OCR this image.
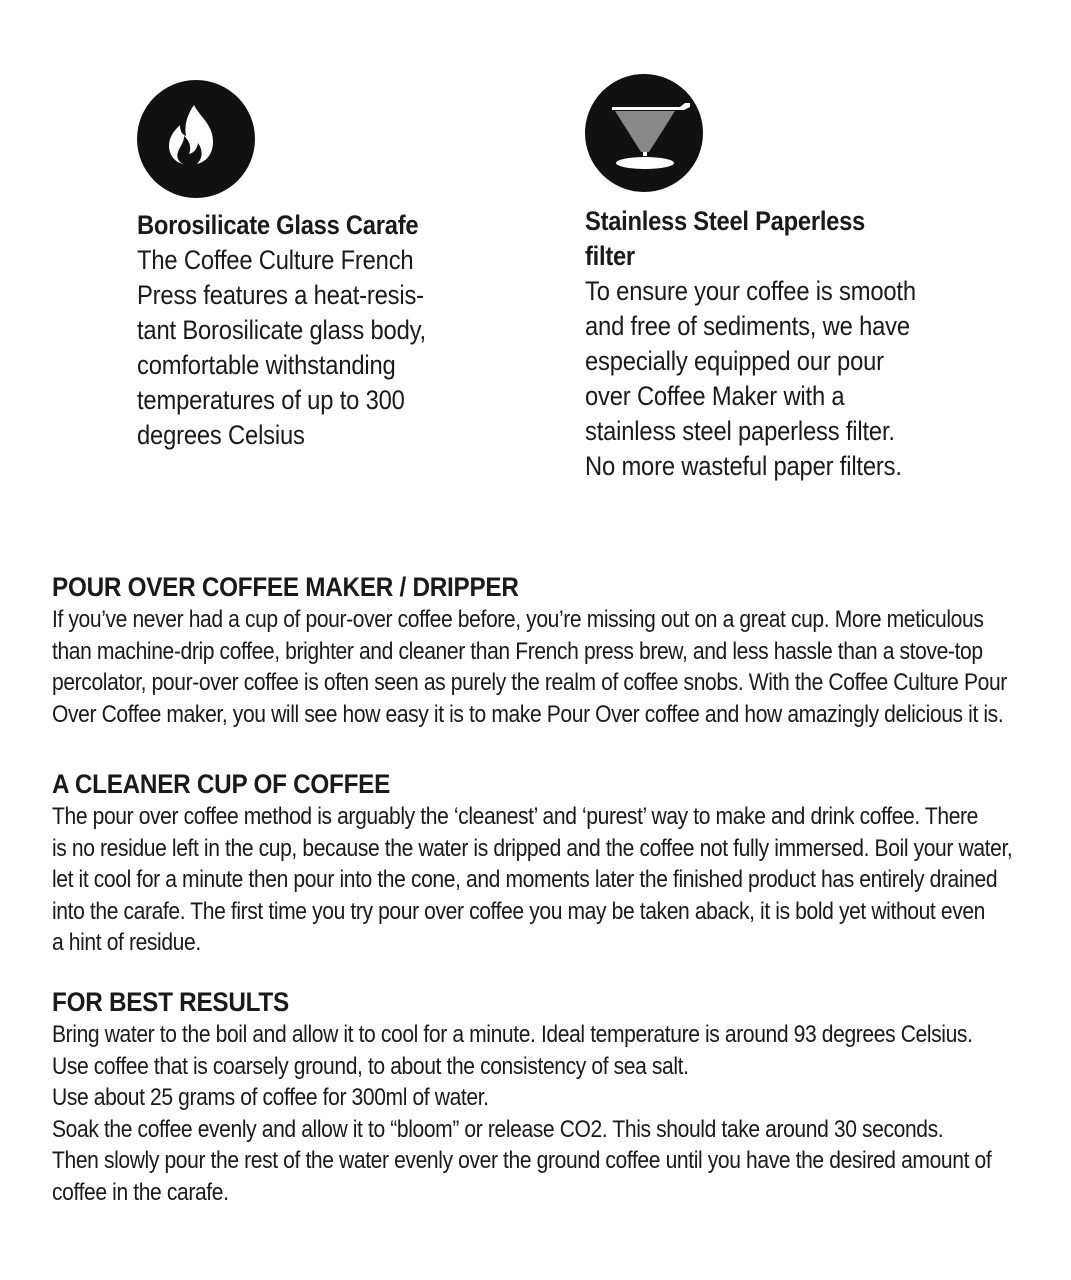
Borosilicate Glass Carafe
The Coffee Culture French
Press features a heat-resis-
tant Borosilicate glass body,
comfortable withstanding
temperatures of up to 300
degrees Celsius
Stainless Steel Paperless
filter
To ensure your coffee is smooth
and free of sediments, we have
especially equipped our pour
over Coffee Maker with a
stainless steel paperless filter.
No more wasteful paper filters.
POUR OVER COFFEE MAKER / DRIPPER
If you’ve never had a cup of pour-over coffee before, you’re missing out on a great cup. More meticulous
than machine-drip coffee, brighter and cleaner than French press brew, and less hassle than a stove-top
percolator, pour-over coffee is often seen as purely the realm of coffee snobs. With the Coffee Culture Pour
Over Coffee maker, you will see how easy it is to make Pour Over coffee and how amazingly delicious it is.
A CLEANER CUP OF COFFEE
The pour over coffee method is arguably the ‘cleanest’ and ‘purest’ way to make and drink coffee. There
is no residue left in the cup, because the water is dripped and the coffee not fully immersed. Boil your water,
let it cool for a minute then pour into the cone, and moments later the finished product has entirely drained
into the carafe. The first time you try pour over coffee you may be taken aback, it is bold yet without even
a hint of residue.
FOR BEST RESULTS
Bring water to the boil and allow it to cool for a minute. Ideal temperature is around 93 degrees Celsius.
Use coffee that is coarsely ground, to about the consistency of sea salt.
Use about 25 grams of coffee for 300ml of water.
Soak the coffee evenly and allow it to “bloom” or release CO2. This should take around 30 seconds.
Then slowly pour the rest of the water evenly over the ground coffee until you have the desired amount of
coffee in the carafe.
